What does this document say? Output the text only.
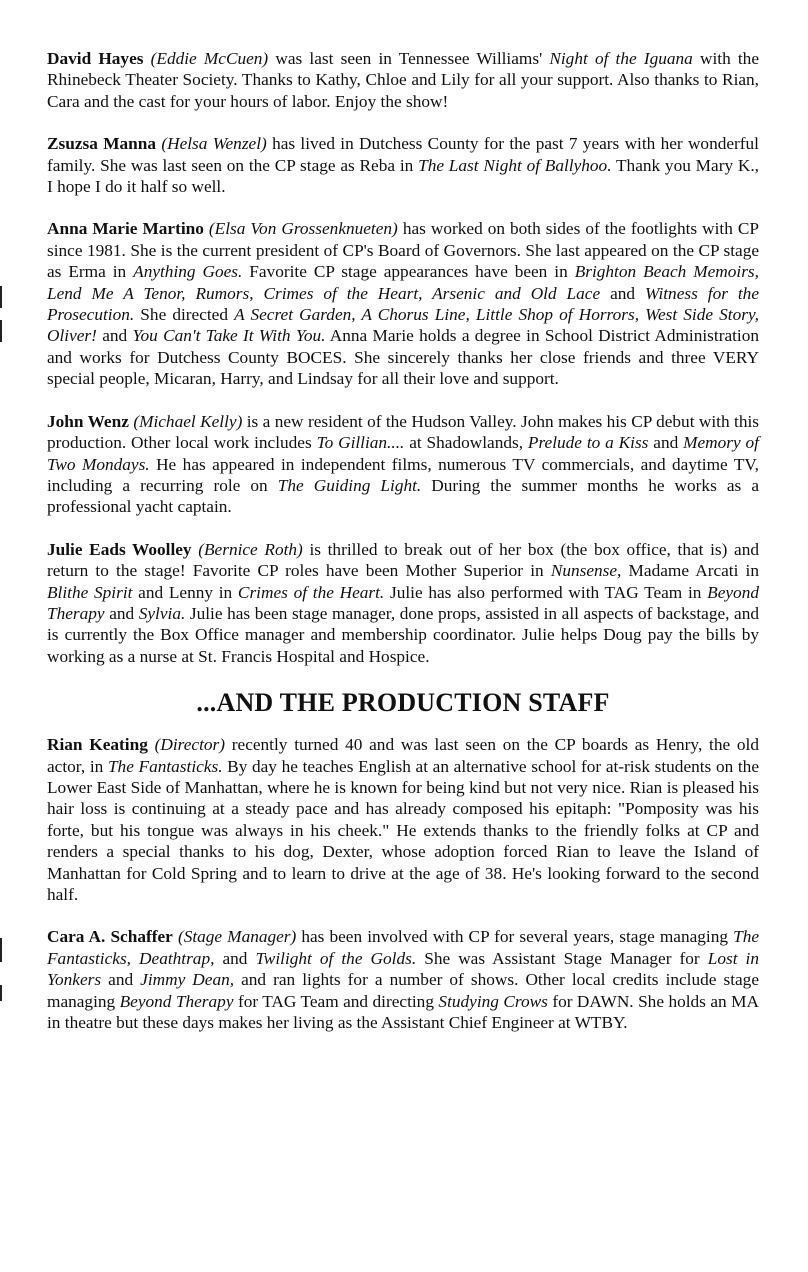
David Hayes (Eddie McCuen) was last seen in Tennessee Williams' Night of the Iguana with the Rhinebeck Theater Society. Thanks to Kathy, Chloe and Lily for all your support. Also thanks to Rian, Cara and the cast for your hours of labor. Enjoy the show!

Zsuzsa Manna (Helsa Wenzel) has lived in Dutchess County for the past 7 years with her wonderful family. She was last seen on the CP stage as Reba in The Last Night of Ballyhoo. Thank you Mary K., I hope I do it half so well.

Anna Marie Martino (Elsa Von Grossenknueten) has worked on both sides of the footlights with CP since 1981. She is the current president of CP's Board of Governors. She last appeared on the CP stage as Erma in Anything Goes. Favorite CP stage appearances have been in Brighton Beach Memoirs, Lend Me A Tenor, Rumors, Crimes of the Heart, Arsenic and Old Lace and Witness for the Prosecution. She directed A Secret Garden, A Chorus Line, Little Shop of Horrors, West Side Story, Oliver! and You Can't Take It With You. Anna Marie holds a degree in School District Administration and works for Dutchess County BOCES. She sincerely thanks her close friends and three VERY special people, Micaran, Harry, and Lindsay for all their love and support.

John Wenz (Michael Kelly) is a new resident of the Hudson Valley. John makes his CP debut with this production. Other local work includes To Gillian.... at Shadowlands, Prelude to a Kiss and Memory of Two Mondays. He has appeared in independent films, numerous TV commercials, and daytime TV, including a recurring role on The Guiding Light. During the summer months he works as a professional yacht captain.

Julie Eads Woolley (Bernice Roth) is thrilled to break out of her box (the box office, that is) and return to the stage! Favorite CP roles have been Mother Superior in Nunsense, Madame Arcati in Blithe Spirit and Lenny in Crimes of the Heart. Julie has also performed with TAG Team in Beyond Therapy and Sylvia. Julie has been stage manager, done props, assisted in all aspects of backstage, and is currently the Box Office manager and membership coordinator. Julie helps Doug pay the bills by working as a nurse at St. Francis Hospital and Hospice.

...AND THE PRODUCTION STAFF

Rian Keating (Director) recently turned 40 and was last seen on the CP boards as Henry, the old actor, in The Fantasticks. By day he teaches English at an alternative school for at-risk students on the Lower East Side of Manhattan, where he is known for being kind but not very nice. Rian is pleased his hair loss is continuing at a steady pace and has already composed his epitaph: "Pomposity was his forte, but his tongue was always in his cheek." He extends thanks to the friendly folks at CP and renders a special thanks to his dog, Dexter, whose adoption forced Rian to leave the Island of Manhattan for Cold Spring and to learn to drive at the age of 38. He's looking forward to the second half.

Cara A. Schaffer (Stage Manager) has been involved with CP for several years, stage managing The Fantasticks, Deathtrap, and Twilight of the Golds. She was Assistant Stage Manager for Lost in Yonkers and Jimmy Dean, and ran lights for a number of shows. Other local credits include stage managing Beyond Therapy for TAG Team and directing Studying Crows for DAWN. She holds an MA in theatre but these days makes her living as the Assistant Chief Engineer at WTBY.
